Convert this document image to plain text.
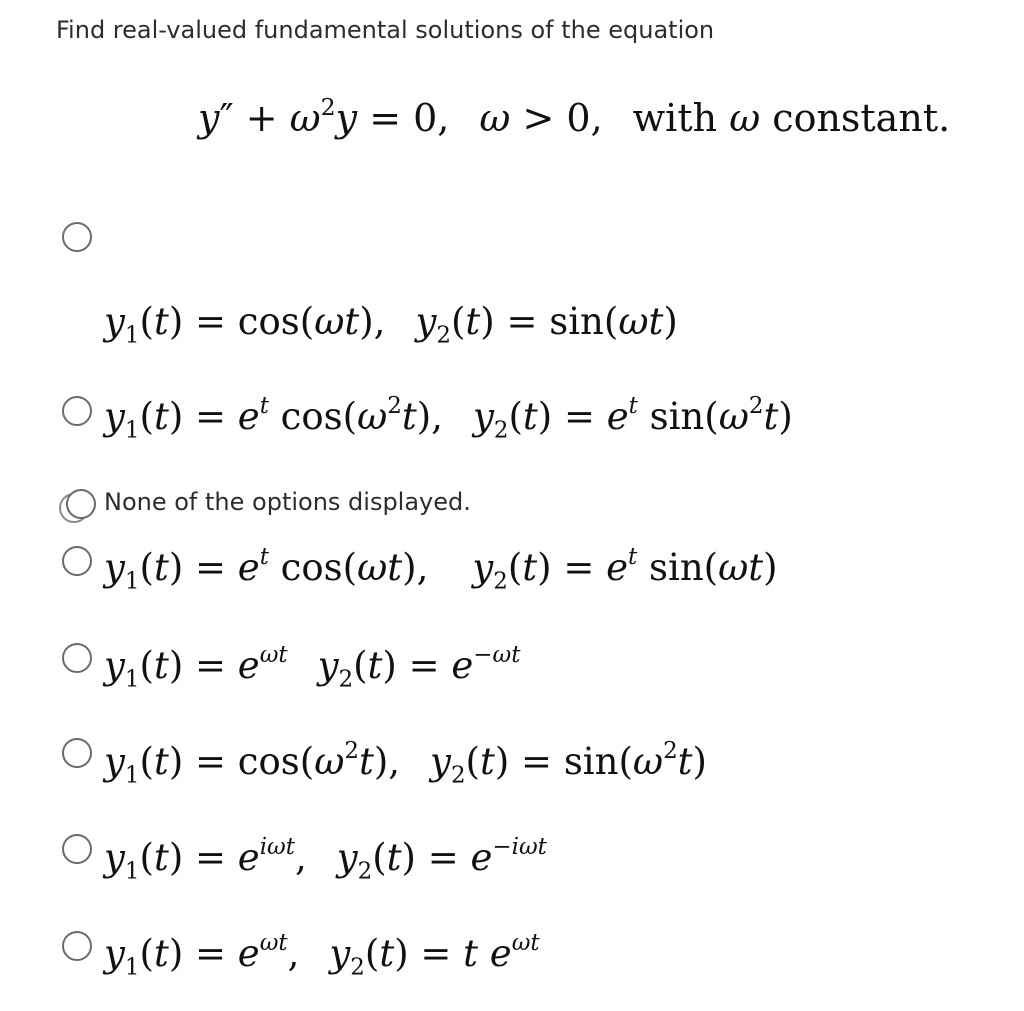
Find real-valued fundamental solutions of the equation
$y'' + \omega^2y = 0$, ω > 0, with ω constant.
$y_1(t) = \cos(\omega t)$, $y_2(t) = \sin(\omega t)$
$y_1(t) = e^t$ $\cos(\omega^2t)$, $y_2(t) = e^t$ $\sin(\omega^2t)$
None of the options displayed.
$y_1(t) = e^t$ cos(ωt), $y_2(t) = e^t$ sin(ωt)
$y_1(t) = e^{\omega t}$ $y_2(t) = e^{-\omega t}$
$y_1(t) = \cos(\omega^2t)$, $y_2(t) = \sin(\omega^2t)$
$y_1(t) = e^{i\omega t}$, $y_2(t) = e^{-i\omega t}$
$y_1(t) = e^{\omega t}$, $y_2(t) = t$ $e^{\omega t}$
